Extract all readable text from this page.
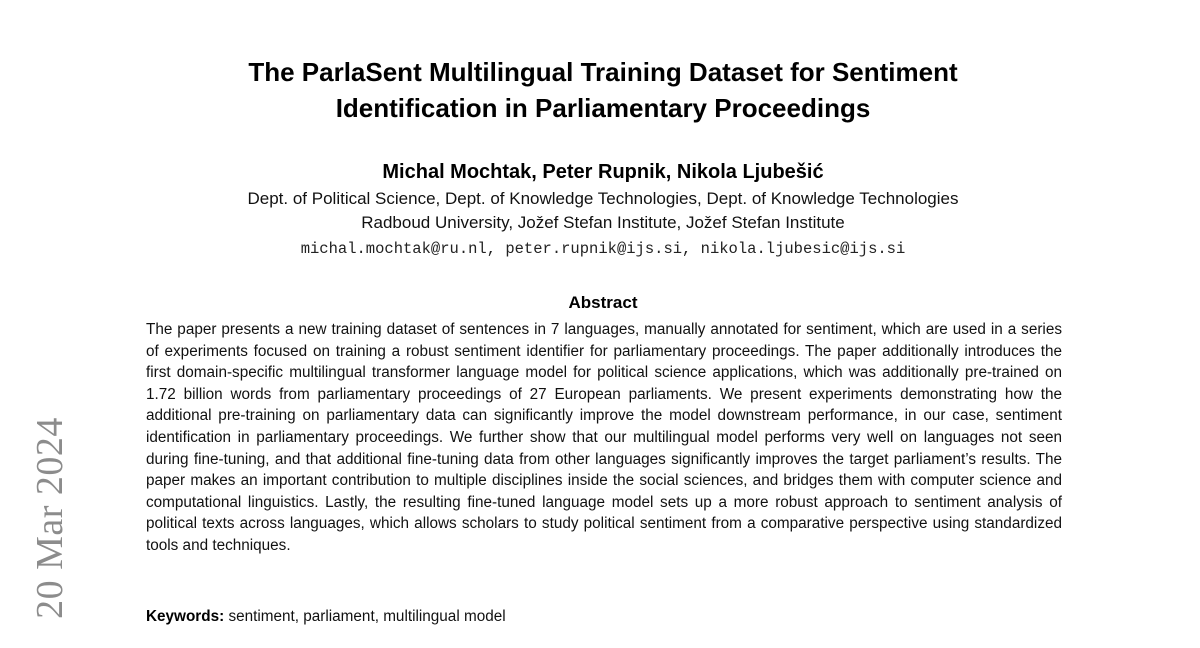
The ParlaSent Multilingual Training Dataset for Sentiment
Identification in Parliamentary Proceedings
Michal Mochtak, Peter Rupnik, Nikola Ljubešić
Dept. of Political Science, Dept. of Knowledge Technologies, Dept. of Knowledge Technologies
Radboud University, Jožef Stefan Institute, Jožef Stefan Institute
michal.mochtak@ru.nl, peter.rupnik@ijs.si, nikola.ljubesic@ijs.si
Abstract

The paper presents a new training dataset of sentences in 7 languages, manually annotated for sentiment, which are used in a series of experiments focused on training a robust sentiment identifier for parliamentary proceedings. The paper additionally introduces the first domain-specific multilingual transformer language model for political science applications, which was additionally pre-trained on 1.72 billion words from parliamentary proceedings of 27 European parliaments. We present experiments demonstrating how the additional pre-training on parliamentary data can significantly improve the model downstream performance, in our case, sentiment identification in parliamentary proceedings. We further show that our multilingual model performs very well on languages not seen during fine-tuning, and that additional fine-tuning data from other languages significantly improves the target parliament’s results. The paper makes an important contribution to multiple disciplines inside the social sciences, and bridges them with computer science and computational linguistics. Lastly, the resulting fine-tuned language model sets up a more robust approach to sentiment analysis of political texts across languages, which allows scholars to study political sentiment from a comparative perspective using standardized tools and techniques.

Keywords: sentiment, parliament, multilingual model
20 Mar 2024
